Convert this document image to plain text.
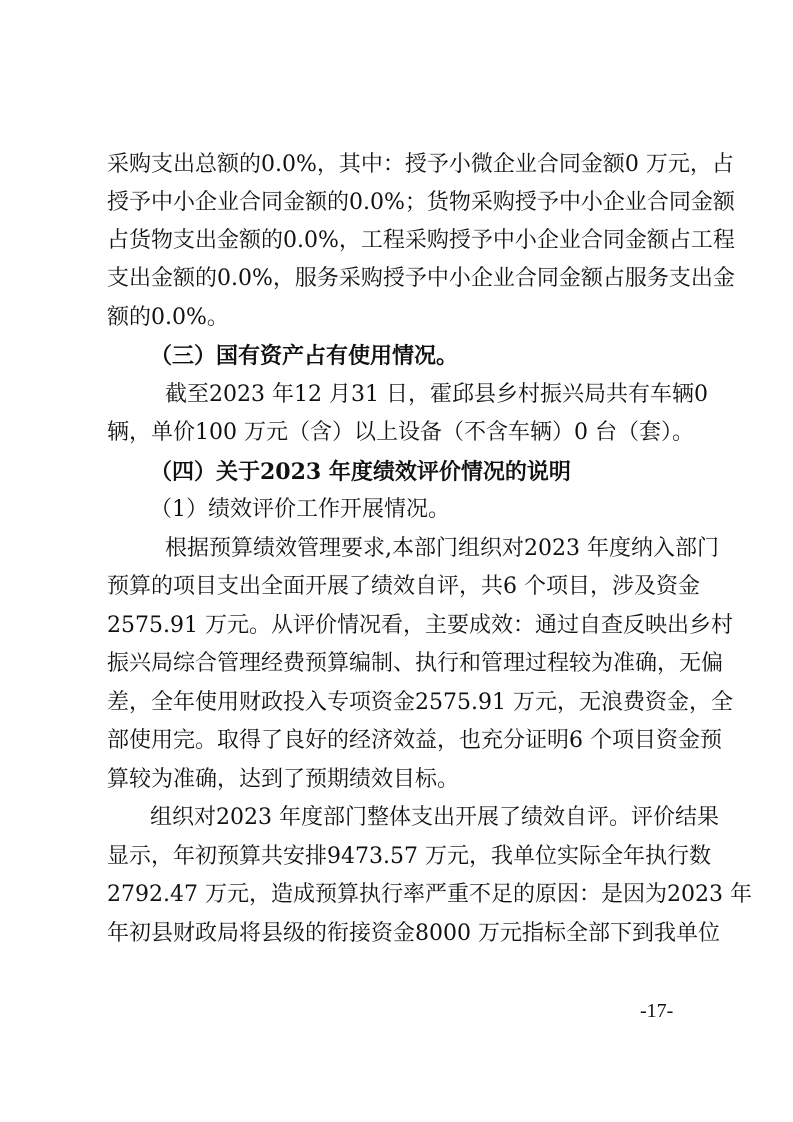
采购支出总额的0.0%，其中：授予小微企业合同金额0 万元，占
授予中小企业合同金额的0.0%；货物采购授予中小企业合同金额
占货物支出金额的0.0%，工程采购授予中小企业合同金额占工程
支出金额的0.0%，服务采购授予中小企业合同金额占服务支出金
额的0.0%。
（三）国有资产占有使用情况。
截至2023 年12 月31 日，霍邱县乡村振兴局共有车辆0
辆，单价100 万元（含）以上设备（不含车辆）0 台（套）。
（四）关于2023 年度绩效评价情况的说明
（1）绩效评价工作开展情况。
根据预算绩效管理要求,本部门组织对2023 年度纳入部门
预算的项目支出全面开展了绩效自评，共6 个项目，涉及资金
2575.91 万元。从评价情况看，主要成效：通过自查反映出乡村
振兴局综合管理经费预算编制、执行和管理过程较为准确，无偏
差，全年使用财政投入专项资金2575.91 万元，无浪费资金，全
部使用完。取得了良好的经济效益，也充分证明6 个项目资金预
算较为准确，达到了预期绩效目标。
组织对2023 年度部门整体支出开展了绩效自评。评价结果
显示，年初预算共安排9473.57 万元，我单位实际全年执行数
2792.47 万元，造成预算执行率严重不足的原因：是因为2023 年
年初县财政局将县级的衔接资金8000 万元指标全部下到我单位
-17-
